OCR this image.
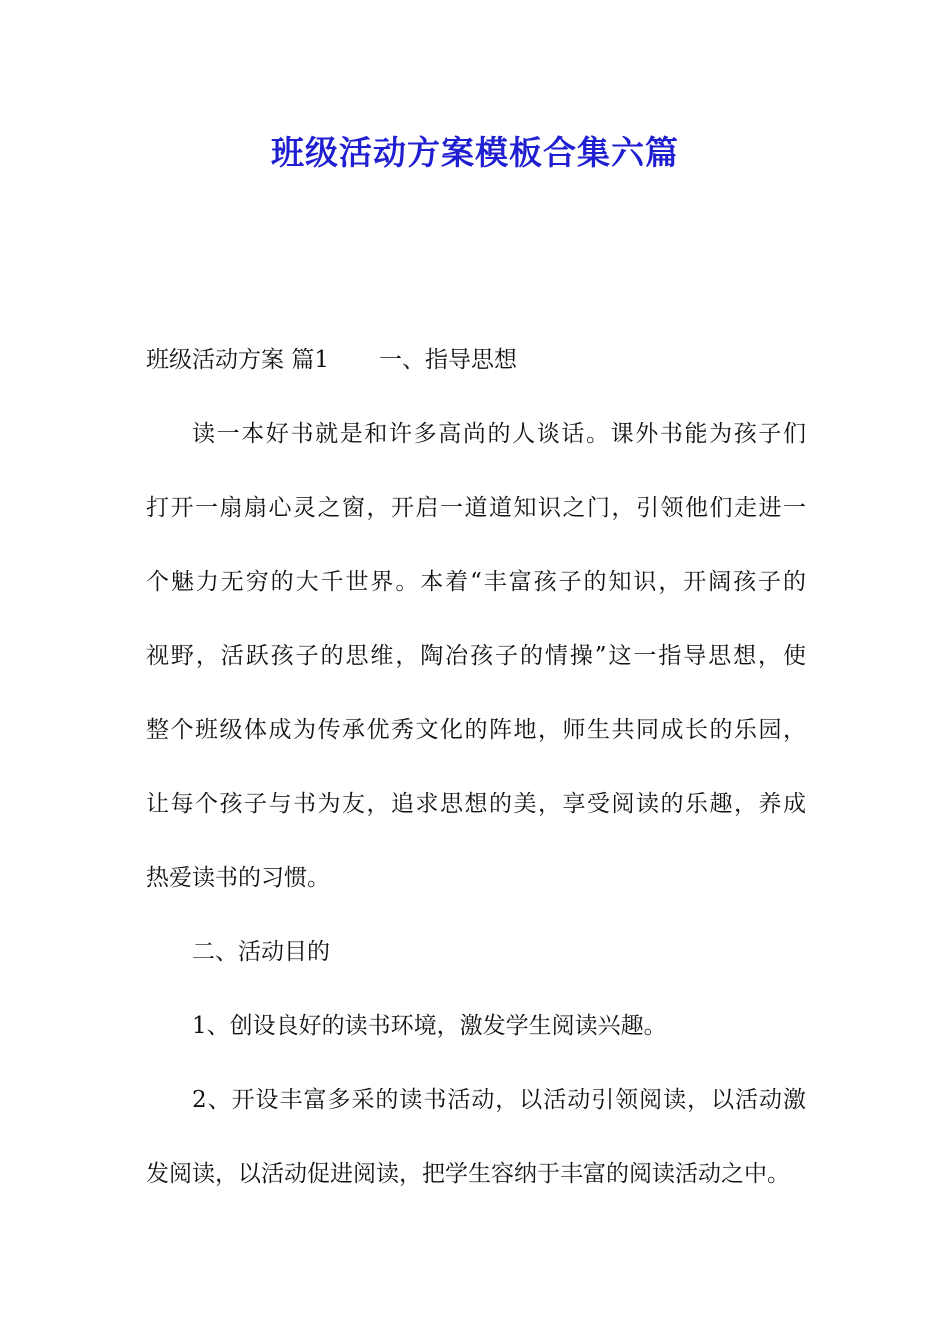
班级活动方案模板合集六篇
班级活动方案 篇1 一、指导思想
读一本好书就是和许多高尚的人谈话。课外书能为孩子们
打开一扇扇心灵之窗，开启一道道知识之门，引领他们走进一
个魅力无穷的大千世界。本着“丰富孩子的知识，开阔孩子的
视野，活跃孩子的思维，陶冶孩子的情操”这一指导思想，使
整个班级体成为传承优秀文化的阵地，师生共同成长的乐园，
让每个孩子与书为友，追求思想的美，享受阅读的乐趣，养成
热爱读书的习惯。
二、活动目的
1、创设良好的读书环境，激发学生阅读兴趣。
2、开设丰富多采的读书活动，以活动引领阅读，以活动激
发阅读，以活动促进阅读，把学生容纳于丰富的阅读活动之中。
